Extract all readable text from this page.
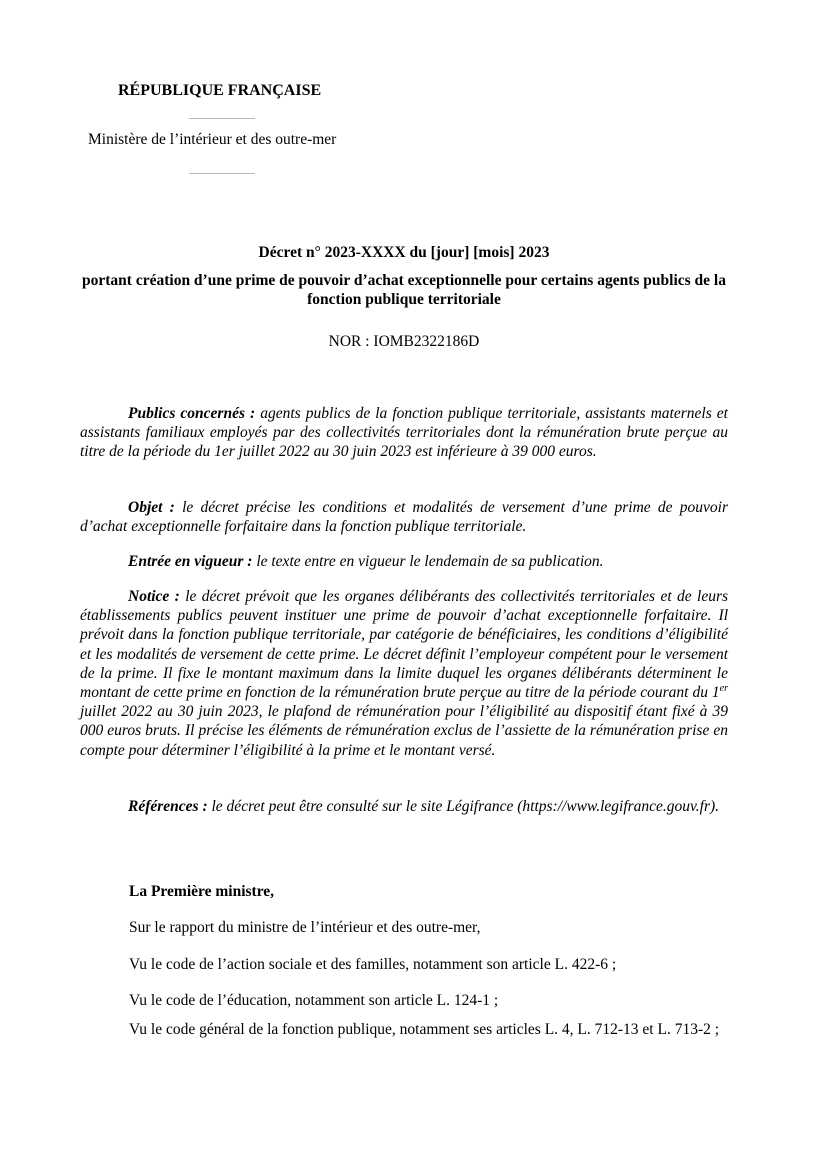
RÉPUBLIQUE FRANÇAISE
Ministère de l’intérieur et des outre-mer
Décret n° 2023-XXXX du [jour] [mois] 2023
portant création d’une prime de pouvoir d’achat exceptionnelle pour certains agents publics de la fonction publique territoriale
NOR : IOMB2322186D
Publics concernés : agents publics de la fonction publique territoriale, assistants maternels et assistants familiaux employés par des collectivités territoriales dont la rémunération brute perçue au titre de la période du 1er juillet 2022 au 30 juin 2023 est inférieure à 39 000 euros.
Objet : le décret précise les conditions et modalités de versement d’une prime de pouvoir d’achat exceptionnelle forfaitaire dans la fonction publique territoriale.
Entrée en vigueur : le texte entre en vigueur le lendemain de sa publication.
Notice : le décret prévoit que les organes délibérants des collectivités territoriales et de leurs établissements publics peuvent instituer une prime de pouvoir d’achat exceptionnelle forfaitaire. Il prévoit dans la fonction publique territoriale, par catégorie de bénéficiaires, les conditions d’éligibilité et les modalités de versement de cette prime. Le décret définit l’employeur compétent pour le versement de la prime. Il fixe le montant maximum dans la limite duquel les organes délibérants déterminent le montant de cette prime en fonction de la rémunération brute perçue au titre de la période courant du 1er juillet 2022 au 30 juin 2023, le plafond de rémunération pour l’éligibilité au dispositif étant fixé à 39 000 euros bruts. Il précise les éléments de rémunération exclus de l’assiette de la rémunération prise en compte pour déterminer l’éligibilité à la prime et le montant versé.
Références : le décret peut être consulté sur le site Légifrance (https://www.legifrance.gouv.fr).
La Première ministre,
Sur le rapport du ministre de l’intérieur et des outre-mer,
Vu le code de l’action sociale et des familles, notamment son article L. 422-6 ;
Vu le code de l’éducation, notamment son article L. 124-1 ;
Vu le code général de la fonction publique, notamment ses articles L. 4, L. 712-13 et L. 713-2 ;
